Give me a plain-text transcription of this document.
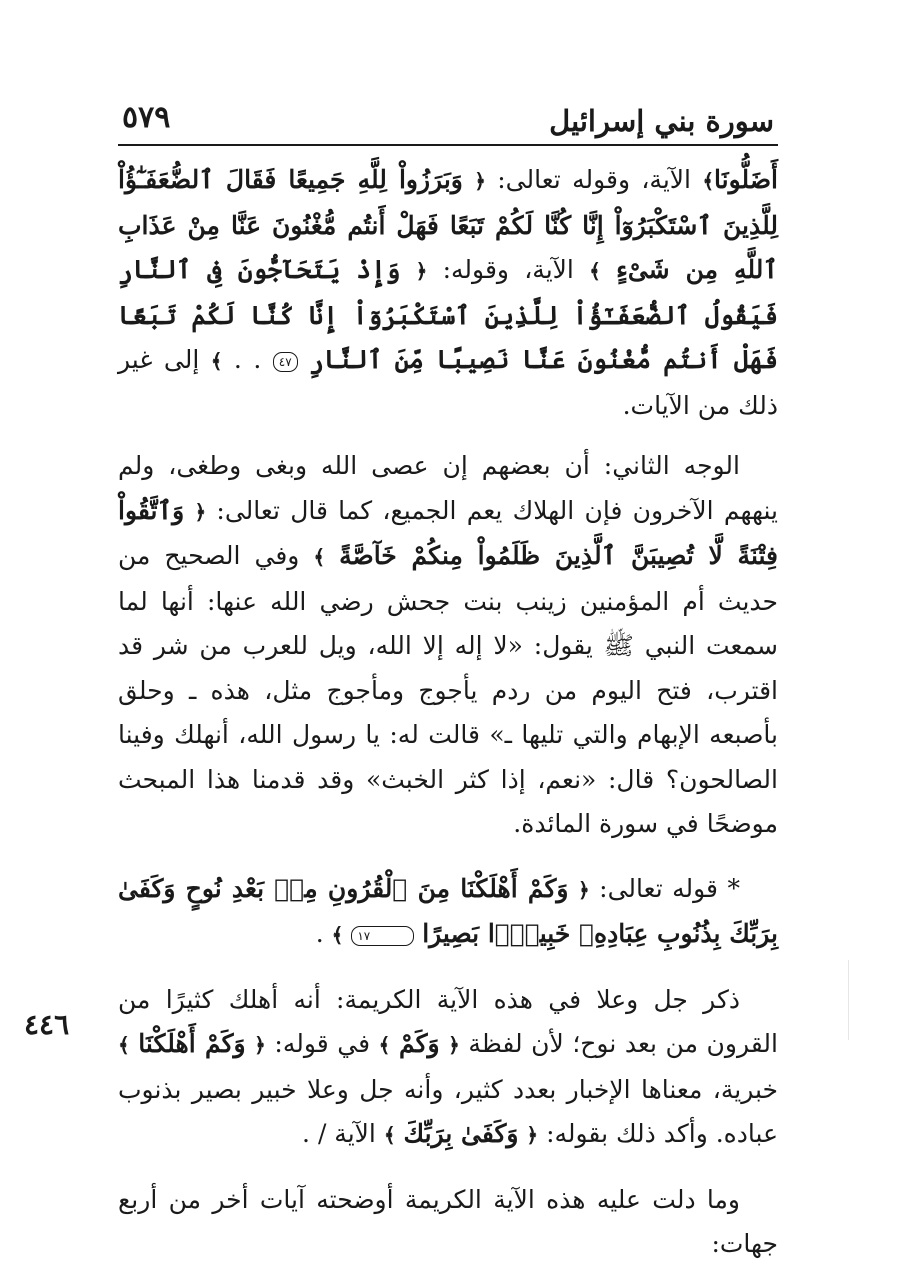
سورة بني إسرائيل
٥٧٩
٤٤٦

أَضَلُّونَا﴾ الآية، وقوله تعالى: ﴿ وَبَرَزُواْ لِلَّهِ جَمِيعًا فَقَالَ ٱلضُّعَفَـٰٓؤُاْ لِلَّذِينَ ٱسْتَكْبَرُوٓاْ إِنَّا كُنَّا لَكُمْ تَبَعًا فَهَلْ أَنتُم مُّغْنُونَ عَنَّا مِنْ عَذَابِ ٱللَّهِ مِن شَىْءٍ ﴾ الآية، وقوله: ﴿ وَإِذْ يَتَحَآجُّونَ فِى ٱلنَّارِ فَيَقُولُ ٱلضُّعَفَـٰٓؤُاْ لِلَّذِينَ ٱسْتَكْبَرُوٓاْ إِنَّا كُنَّا لَكُمْ تَبَعًا فَهَلْ أَنتُم مُّغْنُونَ عَنَّا نَصِيبًا مِّنَ ٱلنَّارِ ٤٧ . . ﴾ إلى غير ذلك من الآيات.

الوجه الثاني: أن بعضهم إن عصى الله وبغى وطغى، ولم ينههم الآخرون فإن الهلاك يعم الجميع، كما قال تعالى: ﴿ وَٱتَّقُواْ فِتْنَةً لَّا تُصِيبَنَّ ٱلَّذِينَ ظَلَمُواْ مِنكُمْ خَآصَّةً ﴾ وفي الصحيح من حديث أم المؤمنين زينب بنت جحش رضي الله عنها: أنها لما سمعت النبي ﷺ يقول: «لا إله إلا الله، ويل للعرب من شر قد اقترب، فتح اليوم من ردم يأجوج ومأجوج مثل، هذه ـ وحلق بأصبعه الإبهام والتي تليها ـ» قالت له: يا رسول الله، أنهلك وفينا الصالحون؟ قال: «نعم، إذا كثر الخبث» وقد قدمنا هذا المبحث موضحًا في سورة المائدة.

* قوله تعالى: ﴿ وَكَمْ أَهْلَكْنَا مِنَ ٱلْقُرُونِ مِنۢ بَعْدِ نُوحٍ وَكَفَىٰ بِرَبِّكَ بِذُنُوبِ عِبَادِهِۦ خَبِيرًۢا بَصِيرًا ١٧ ﴾ .

ذكر جل وعلا في هذه الآية الكريمة: أنه أهلك كثيرًا من القرون من بعد نوح؛ لأن لفظة ﴿ وَكَمْ ﴾ في قوله: ﴿ وَكَمْ أَهْلَكْنَا ﴾ خبرية، معناها الإخبار بعدد كثير، وأنه جل وعلا خبير بصير بذنوب عباده. وأكد ذلك بقوله: ﴿ وَكَفَىٰ بِرَبِّكَ ﴾ الآية / .

وما دلت عليه هذه الآية الكريمة أوضحته آيات أخر من أربع جهات:
